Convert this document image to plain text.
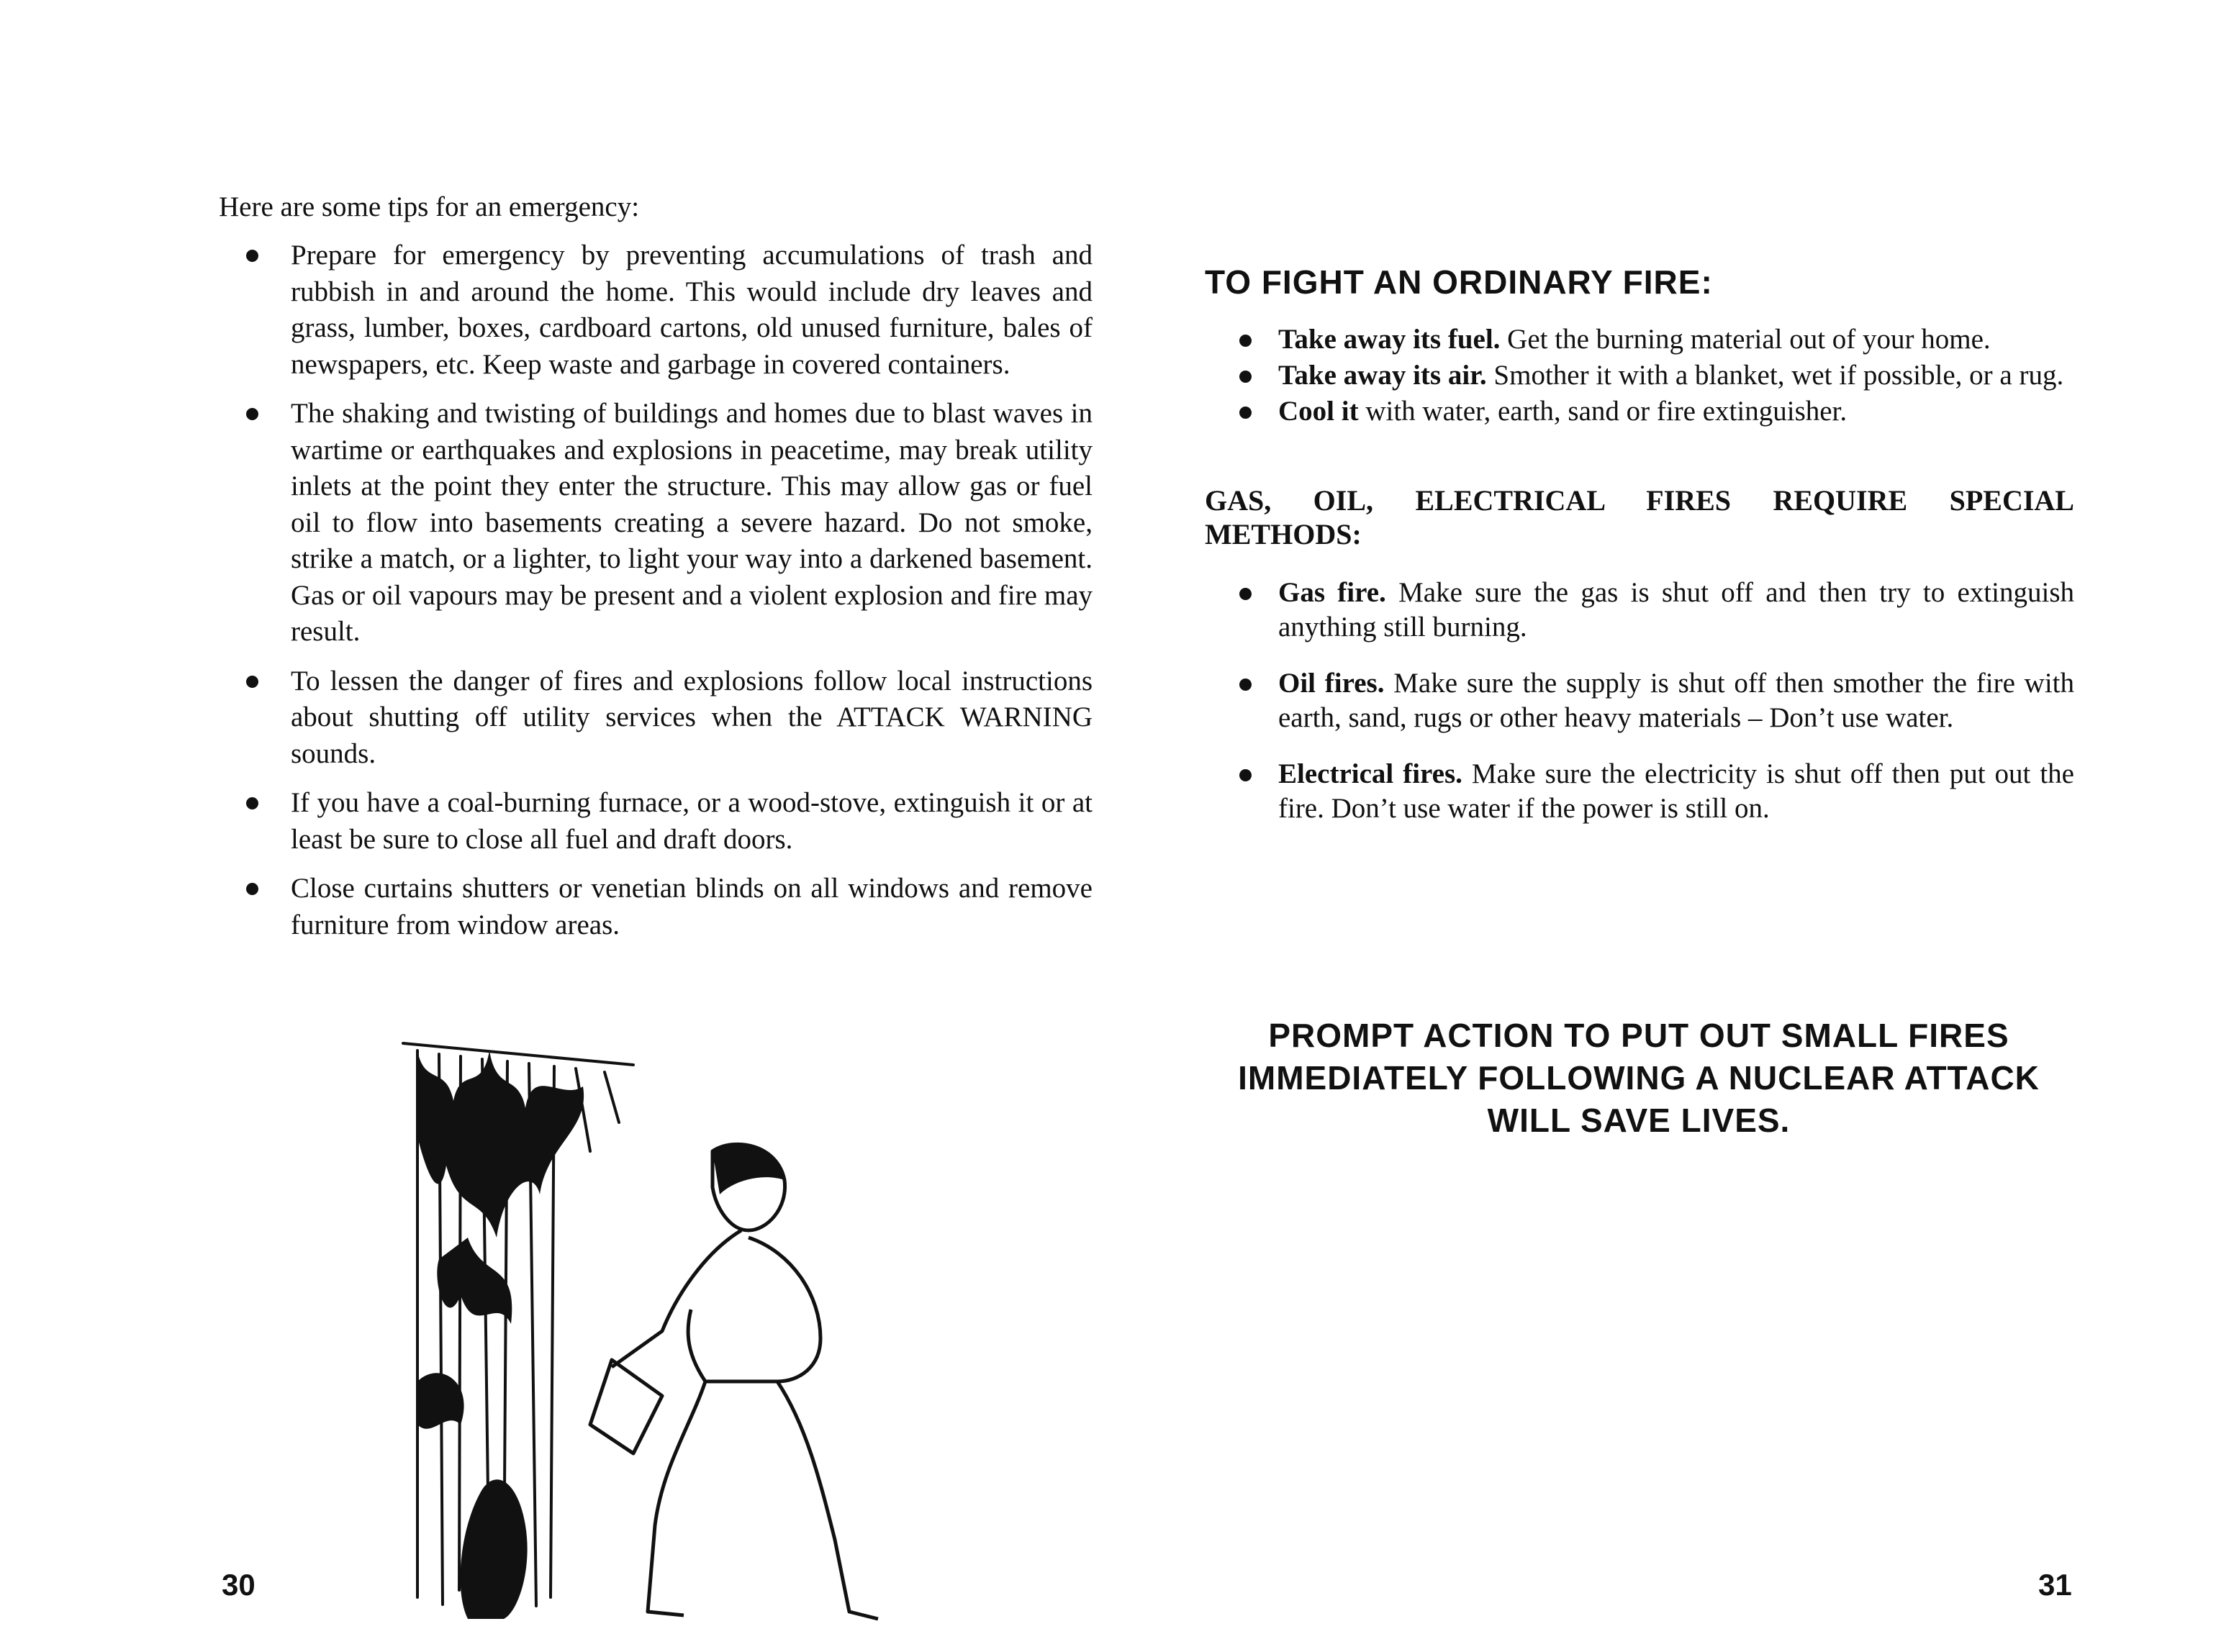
Here are some tips for an emergency:

Prepare for emergency by preventing accumulations of trash and rubbish in and around the home. This would include dry leaves and grass, lumber, boxes, cardboard cartons, old unused furniture, bales of newspapers, etc. Keep waste and garbage in covered containers.
The shaking and twisting of buildings and homes due to blast waves in wartime or earthquakes and explosions in peacetime, may break utility inlets at the point they enter the structure. This may allow gas or fuel oil to flow into basements creating a severe hazard. Do not smoke, strike a match, or a lighter, to light your way into a darkened basement. Gas or oil vapours may be present and a violent explosion and fire may result.
To lessen the danger of fires and explosions follow local instructions about shutting off utility services when the ATTACK WARNING sounds.
If you have a coal-burning furnace, or a wood-stove, extinguish it or at least be sure to close all fuel and draft doors.
Close curtains shutters or venetian blinds on all windows and remove furniture from window areas.
30
TO FIGHT AN ORDINARY FIRE:
Take away its fuel. Get the burning material out of your home.
Take away its air. Smother it with a blanket, wet if possible, or a rug.
Cool it with water, earth, sand or fire extinguisher.
GAS, OIL, ELECTRICAL FIRES REQUIRE SPECIAL
METHODS:
Gas fire. Make sure the gas is shut off and then try to extinguish anything still burning.
Oil fires. Make sure the supply is shut off then smother the fire with earth, sand, rugs or other heavy materials – Don’t use water.
Electrical fires. Make sure the electricity is shut off then put out the fire. Don’t use water if the power is still on.

PROMPT ACTION TO PUT OUT SMALL FIRES
IMMEDIATELY FOLLOWING A NUCLEAR ATTACK
WILL SAVE LIVES.

31
